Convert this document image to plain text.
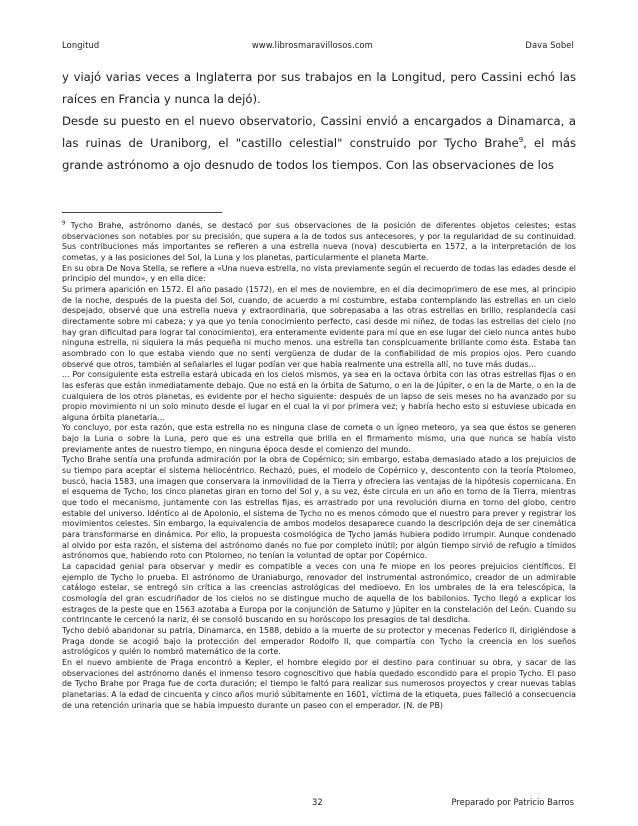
Longitud	www.librosmaravillosos.com	Dava Sobel

y viajó varias veces a Inglaterra por sus trabajos en la Longitud, pero Cassini echó las raíces en Francia y nunca la dejó).

Desde su puesto en el nuevo observatorio, Cassini envió a encargados a Dinamarca, a las ruinas de Uraniborg, el "castillo celestial" construido por Tycho Brahe$^9$, el más grande astrónomo a ojo desnudo de todos los tiempos. Con las observaciones de los

$^9$ Tycho Brahe, astrónomo danés, se destacó por sus observaciones de la posición de diferentes objetos celestes; estas observaciones son notables por su precisión, que supera a la de todos sus antecesores, y por la regularidad de su continuidad. Sus contribuciones más importantes se refieren a una estrella nueva (nova) descubierta en 1572, a la interpretación de los cometas, y a las posiciones del Sol, la Luna y los planetas, particularmente el planeta Marte.

En su obra De Nova Stella, se refiere a «Una nueva estrella, no vista previamente según el recuerdo de todas las edades desde el principio del mundo», y en ella dice:

Su primera aparición en 1572. El año pasado (1572), en el mes de noviembre, en el día decimoprimero de ese mes, al principio de la noche, después de la puesta del Sol, cuando, de acuerdo a mi costumbre, estaba contemplando las estrellas en un cielo despejado, observé que una estrella nueva y extraordinaria, que sobrepasaba a las otras estrellas en brillo, resplandecía casi directamente sobre mi cabeza; y ya que yo tenía conocimiento perfecto, casi desde mi niñez, de todas las estrellas del cielo (no hay gran dificultad para lograr tal conocimiento), era enteramente evidente para mí que en ese lugar del cielo nunca antes hubo ninguna estrella, ni siquiera la más pequeña ni mucho menos. una estrella tan conspicuamente brillante como ésta. Estaba tan asombrado con lo que estaba viendo que no sentí vergüenza de dudar de la confiabilidad de mis propios ojos. Pero cuando observé que otros, también al señalarles el lugar podían ver que había realmente una estrella allí, no tuve más dudas...

... Por consiguiente esta estrella estará ubicada en los cielos mismos, ya sea en la octava órbita con las otras estrellas fijas o en las esferas que están inmediatamente debajo. Que no está en la órbita de Saturno, o en la de Júpiter, o en la de Marte, o en la de cualquiera de los otros planetas, es evidente por el hecho siguiente: después de un lapso de seis meses no ha avanzado por su propio movimiento ni un solo minuto desde el lugar en el cual la vi por primera vez; y habría hecho esto si estuviese ubicada en alguna órbita planetaria...

Yo concluyo, por esta razón, que esta estrella no es ninguna clase de cometa o un ígneo meteoro, ya sea que éstos se generen bajo la Luna o sobre la Luna, pero que es una estrella que brilla en el firmamento mismo, una que nunca se había visto previamente antes de nuestro tiempo, en ninguna época desde el comienzo del mundo.

Tycho Brahe sentía una profunda admiración por la obra de Copérnico; sin embargo, estaba demasiado atado a los prejuicios de su tiempo para aceptar el sistema heliocéntrico. Rechazó, pues, el modelo de Copérnico y, descontento con la teoría Ptolomeo, buscó, hacia 1583, una imagen que conservara la inmovilidad de la Tierra y ofreciera las ventajas de la hipótesis copernicana. En el esquema de Tycho, los cinco planetas giran en torno del Sol y, a su vez, éste circula en un año en torno de la Tierra, mientras que todo el mecanismo, juntamente con las estrellas fijas, es arrastrado por una revolución diurna en torno del globo, centro estable del universo. Idéntico al de Apolonio, el sistema de Tycho no es menos cómodo que el nuestro para prever y registrar los movimientos celestes. Sin embargo, la equivalencia de ambos modelos desaparece cuando la descripción deja de ser cinemática para transformarse en dinámica. Por ello, la propuesta cosmológica de Tycho jamás hubiera podido irrumpir. Aunque condenado al olvido por esta razón, el sistema del astrónomo danés no fue por completo inútil; por algún tiempo sirvió de refugio a tímidos astrónomos que, habiendo roto con Ptolomeo, no tenían la voluntad de optar por Copérnico.

La capacidad genial para observar y medir es compatible a veces con una fe miope en los peores prejuicios científicos. El ejemplo de Tycho lo prueba. El astrónomo de Uraniaburgo, renovador del instrumental astronómico, creador de un admirable catálogo estelar, se entregó sin crítica a las creencias astrológicas del medioevo. En los umbrales de la era telescópica, la cosmología del gran escudriñador de los cielos no se distingue mucho de aquella de los babilonios. Tycho llegó a explicar los estragos de la peste que en 1563 azotaba a Europa por la conjunción de Saturno y Júpiter en la constelación del León. Cuando su contrincante le cercenó la nariz, él se consoló buscando en su horóscopo los presagios de tal desdicha.

Tycho debió abandonar su patria, Dinamarca, en 1588, debido a la muerte de su protector y mecenas Federico II, dirigiéndose a Praga donde se acogió bajo la protección del emperador Rodolfo II, que compartía con Tycho la creencia en los sueños astrológicos y quién lo nombró matemático de la corte.

En el nuevo ambiente de Praga encontró a Kepler, el hombre elegido por el destino para continuar su obra, y sacar de las observaciones del astrónomo danés el inmenso tesoro cognoscitivo que había quedado escondido para el propio Tycho. El paso de Tycho Brahe por Praga fue de corta duración; el tiempo le faltó para realizar sus numerosos proyectos y crear nuevas tablas planetarias. A la edad de cincuenta y cinco años murió súbitamente en 1601, víctima de la etiqueta, pues falleció a consecuencia de una retención urinaria que se había impuesto durante un paseo con el emperador. (N. de PB)

32	Preparado por Patricio Barros
